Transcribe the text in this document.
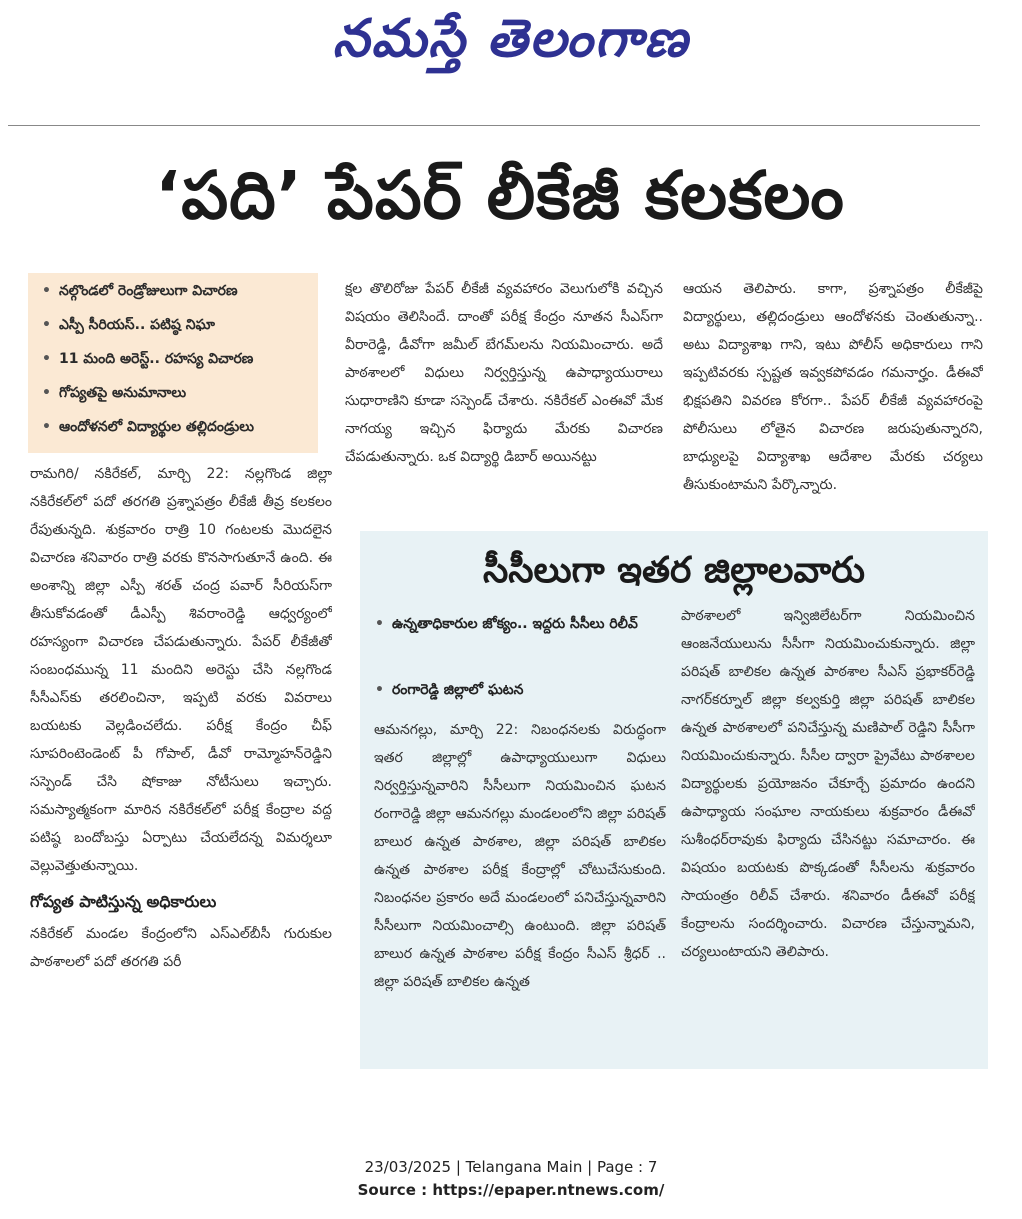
నమస్తే తెలంగాణ
‘పది’ పేపర్ లీకేజీ కలకలం
• నల్గొండలో రెండ్రోజులుగా విచారణ
• ఎస్పీ సీరియస్.. పటిష్ఠ నిఘా
• 11 మంది అరెస్ట్.. రహస్య విచారణ
• గోప్యతపై అనుమానాలు
• ఆందోళనలో విద్యార్థుల తల్లిదండ్రులు

రామగిరి/ నకిరేకల్, మార్చి 22: నల్లగొండ జిల్లా నకిరేకల్‌లో పదో తరగతి ప్రశ్నాపత్రం లీకేజీ తీవ్ర కలకలం రేపుతున్నది. శుక్రవారం రాత్రి 10 గంటలకు మొదలైన విచారణ శనివారం రాత్రి వరకు కొనసాగుతూనే ఉంది. ఈ అంశాన్ని జిల్లా ఎస్పీ శరత్ చంద్ర పవార్ సీరియస్‌గా తీసుకోవడంతో డీఎస్పీ శివరాంరెడ్డి ఆధ్వర్యంలో రహస్యంగా విచారణ చేపడుతున్నారు. పేపర్ లీకేజీతో సంబంధమున్న 11 మందిని అరెస్టు చేసి నల్లగొండ సీసీఎస్‌కు తరలించినా, ఇప్పటి వరకు వివరాలు బయటకు వెల్లడించలేదు. పరీక్ష కేంద్రం చీఫ్ సూపరింటెండెంట్ పీ గోపాల్, డీవో రామ్మోహన్‌రెడ్డిని సస్పెండ్ చేసి షోకాజు నోటీసులు ఇచ్చారు. సమస్యాత్మకంగా మారిన నకిరేకల్‌లో పరీక్ష కేంద్రాల వద్ద పటిష్ఠ బందోబస్తు ఏర్పాటు చేయలేదన్న విమర్శలూ వెల్లువెత్తుతున్నాయి.

గోప్యత పాటిస్తున్న అధికారులు

నకిరేకల్ మండల కేంద్రంలోని ఎస్‌ఎల్‌బీసీ గురుకుల పాఠశాలలో పదో తరగతి పరీ

క్షల తొలిరోజు పేపర్ లీకేజీ వ్యవహారం వెలుగులోకి వచ్చిన విషయం తెలిసిందే. దాంతో పరీక్ష కేంద్రం నూతన సీఎస్‌గా వీరారెడ్డి, డీవోగా జమీల్ బేగమ్‌లను నియమించారు. అదే పాఠశాలలో విధులు నిర్వర్తిస్తున్న ఉపాధ్యాయురాలు సుధారాణిని కూడా సస్పెండ్ చేశారు. నకిరేకల్ ఎంఈవో మేక నాగయ్య ఇచ్చిన ఫిర్యాదు మేరకు విచారణ చేపడుతున్నారు. ఒక విద్యార్థి డిబార్ అయినట్టు

ఆయన తెలిపారు. కాగా, ప్రశ్నాపత్రం లీకేజీపై విద్యార్థులు, తల్లిదండ్రులు ఆందోళనకు చెంతుతున్నా.. అటు విద్యాశాఖ గాని, ఇటు పోలీస్ అధికారులు గాని ఇప్పటివరకు స్పష్టత ఇవ్వకపోవడం గమనార్హం. డీఈవో భిక్షపతిని వివరణ కోరగా.. పేపర్ లీకేజీ వ్యవహారంపై పోలీసులు లోతైన విచారణ జరుపుతున్నారని, బాధ్యులపై విద్యాశాఖ ఆదేశాల మేరకు చర్యలు తీసుకుంటామని పేర్కొన్నారు.

సీసీలుగా ఇతర జిల్లాలవారు
• ఉన్నతాధికారుల జోక్యం.. ఇద్దరు సీసీలు రిలీవ్
• రంగారెడ్డి జిల్లాలో ఘటన

ఆమనగల్లు, మార్చి 22: నిబంధనలకు విరుద్ధంగా ఇతర జిల్లాల్లో ఉపాధ్యాయులుగా విధులు నిర్వర్తిస్తున్నవారిని సీసీలుగా నియమించిన ఘటన రంగారెడ్డి జిల్లా ఆమనగల్లు మండలంలోని జిల్లా పరిషత్ బాలుర ఉన్నత పాఠశాల, జిల్లా పరిషత్ బాలికల ఉన్నత పాఠశాల పరీక్ష కేంద్రాల్లో చోటుచేసుకుంది. నిబంధనల ప్రకారం అదే మండలంలో పనిచేస్తున్నవారిని సీసీలుగా నియమించాల్సి ఉంటుంది. జిల్లా పరిషత్ బాలుర ఉన్నత పాఠశాల పరీక్ష కేంద్రం సీఎస్ శ్రీధర్ .. జిల్లా పరిషత్ బాలికల ఉన్నత

పాఠశాలలో ఇన్విజిలేటర్‌గా నియమించిన ఆంజనేయులును సీసీగా నియమించుకున్నారు. జిల్లా పరిషత్ బాలికల ఉన్నత పాఠశాల సీఎస్ ప్రభాకర్‌రెడ్డి నాగర్‌కర్నూల్ జిల్లా కల్వకుర్తి జిల్లా పరిషత్ బాలికల ఉన్నత పాఠశాలలో పనిచేస్తున్న మణిపాల్ రెడ్డిని సీసీగా నియమించుకున్నారు. సీసీల ద్వారా ప్రైవేటు పాఠశాలల విద్యార్థులకు ప్రయోజనం చేకూర్చే ప్రమాదం ఉందని ఉపాధ్యాయ సంఘాల నాయకులు శుక్రవారం డీఈవో సుశీంధర్‌రావుకు ఫిర్యాదు చేసినట్టు సమాచారం. ఈ విషయం బయటకు పొక్కడంతో సీసీలను శుక్రవారం సాయంత్రం రిలీవ్ చేశారు. శనివారం డీఈవో పరీక్ష కేంద్రాలను సందర్శించారు. విచారణ చేస్తున్నామని, చర్యలుంటాయని తెలిపారు.

23/03/2025 | Telangana Main | Page : 7
Source : https://epaper.ntnews.com/
